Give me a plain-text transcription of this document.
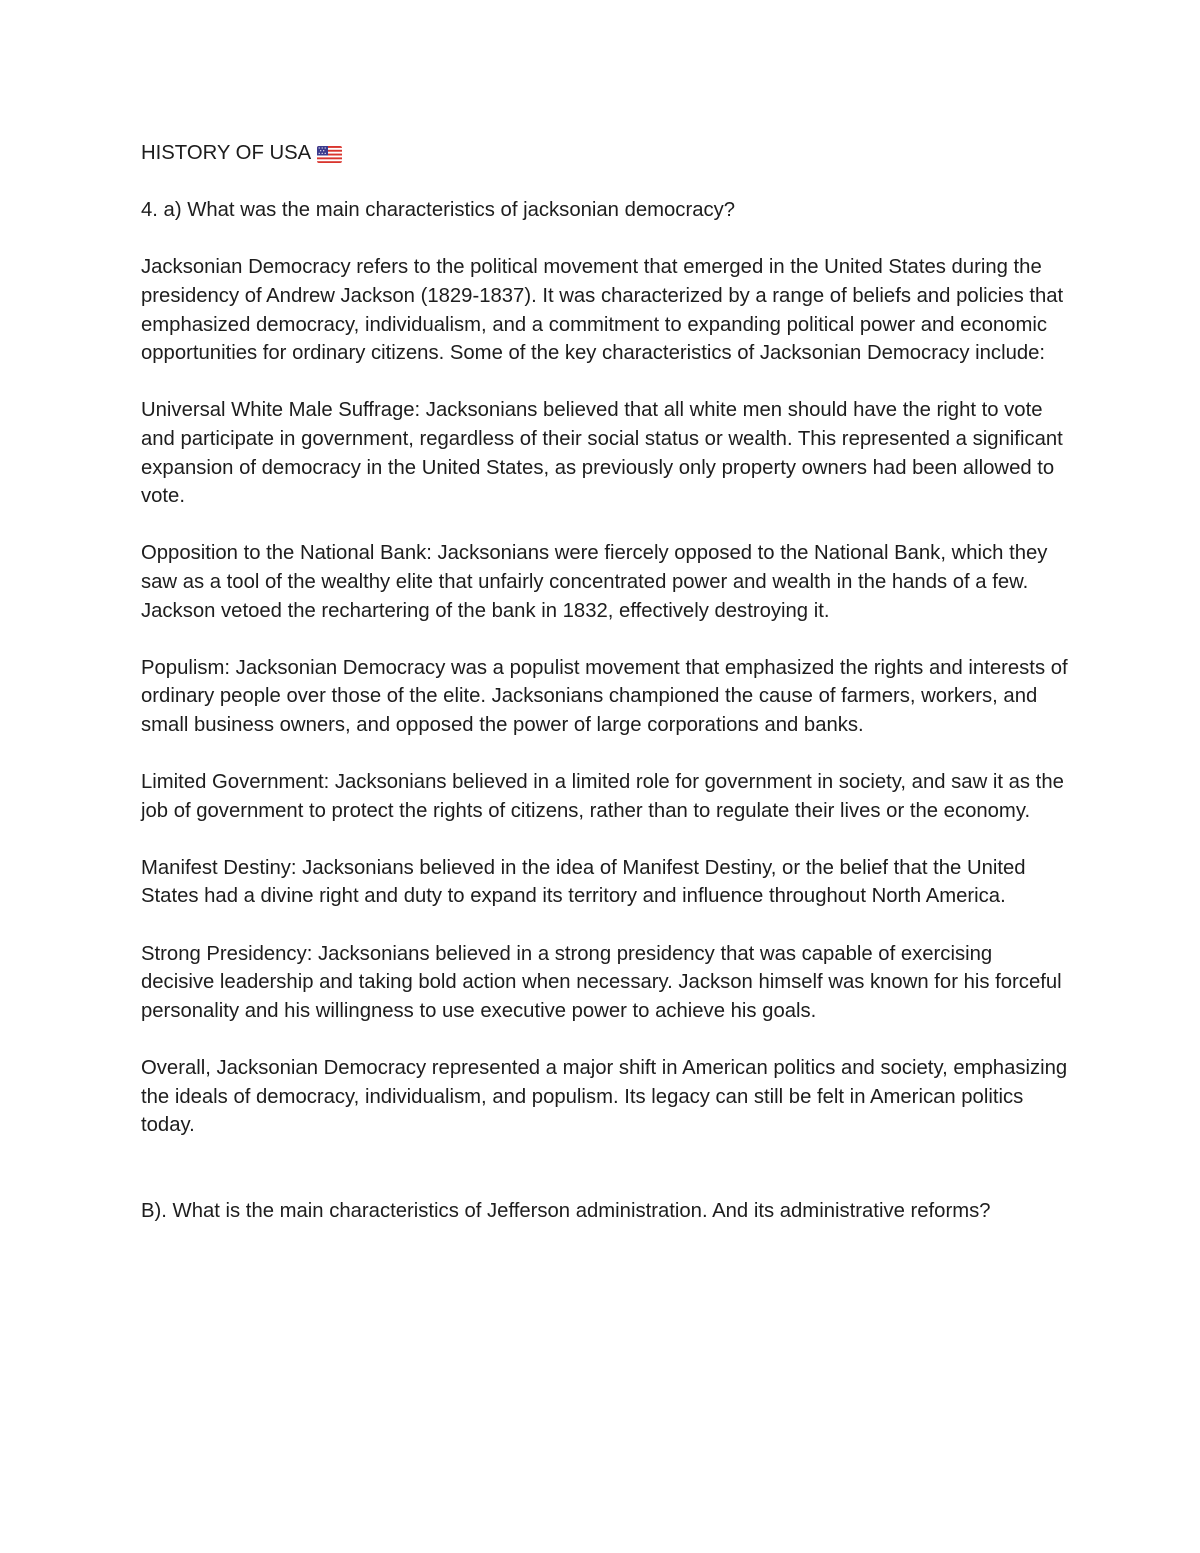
HISTORY OF USA

4. a) What was the main characteristics of jacksonian democracy?

Jacksonian Democracy refers to the political movement that emerged in the United States during the presidency of Andrew Jackson (1829-1837). It was characterized by a range of beliefs and policies that emphasized democracy, individualism, and a commitment to expanding political power and economic opportunities for ordinary citizens. Some of the key characteristics of Jacksonian Democracy include:

Universal White Male Suffrage: Jacksonians believed that all white men should have the right to vote and participate in government, regardless of their social status or wealth. This represented a significant expansion of democracy in the United States, as previously only property owners had been allowed to vote.

Opposition to the National Bank: Jacksonians were fiercely opposed to the National Bank, which they saw as a tool of the wealthy elite that unfairly concentrated power and wealth in the hands of a few. Jackson vetoed the rechartering of the bank in 1832, effectively destroying it.

Populism: Jacksonian Democracy was a populist movement that emphasized the rights and interests of ordinary people over those of the elite. Jacksonians championed the cause of farmers, workers, and small business owners, and opposed the power of large corporations and banks.

Limited Government: Jacksonians believed in a limited role for government in society, and saw it as the job of government to protect the rights of citizens, rather than to regulate their lives or the economy.

Manifest Destiny: Jacksonians believed in the idea of Manifest Destiny, or the belief that the United States had a divine right and duty to expand its territory and influence throughout North America.

Strong Presidency: Jacksonians believed in a strong presidency that was capable of exercising decisive leadership and taking bold action when necessary. Jackson himself was known for his forceful personality and his willingness to use executive power to achieve his goals.

Overall, Jacksonian Democracy represented a major shift in American politics and society, emphasizing the ideals of democracy, individualism, and populism. Its legacy can still be felt in American politics today.

B). What is the main characteristics of Jefferson administration. And its administrative reforms?
